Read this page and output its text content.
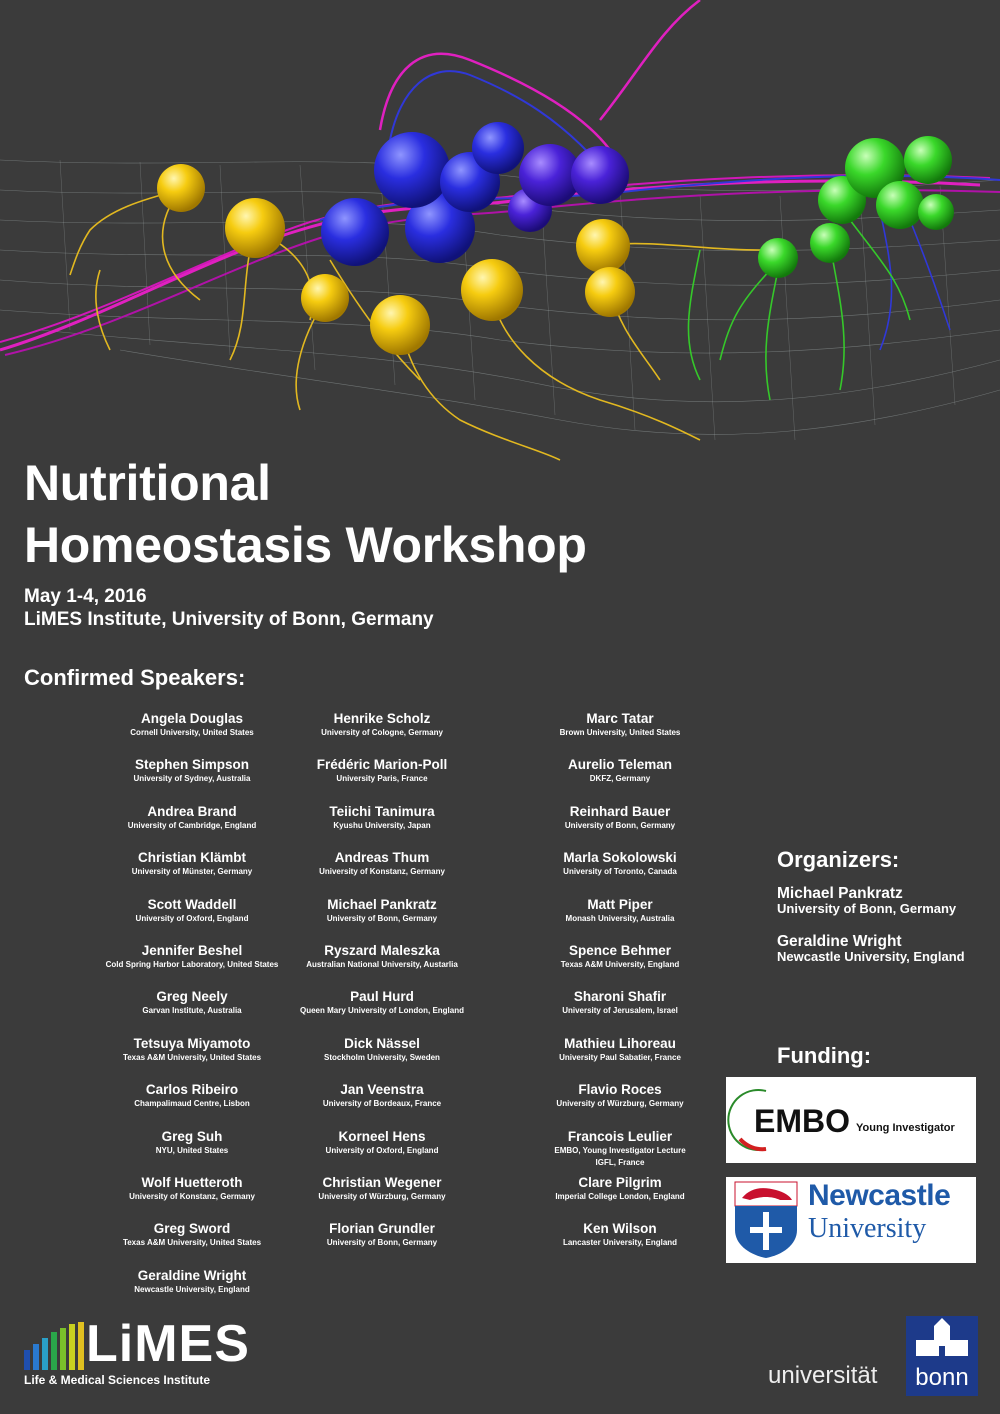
Nutritional
Homeostasis Workshop
May 1-4, 2016
LiMES Institute, University of Bonn, Germany
Confirmed Speakers:
Angela Douglas
Cornell University, United States
Stephen Simpson
University of Sydney, Australia
Andrea Brand
University of Cambridge, England
Christian Klämbt
University of Münster, Germany
Scott Waddell
University of Oxford, England
Jennifer Beshel
Cold Spring Harbor Laboratory, United States
Greg Neely
Garvan Institute, Australia
Tetsuya Miyamoto
Texas A&M University, United States
Carlos Ribeiro
Champalimaud Centre, Lisbon
Greg Suh
NYU, United States
Wolf Huetteroth
University of Konstanz, Germany
Greg Sword
Texas A&M University, United States
Geraldine Wright
Newcastle University, England
Henrike Scholz
University of Cologne, Germany
Frédéric Marion-Poll
University Paris, France
Teiichi Tanimura
Kyushu University, Japan
Andreas Thum
University of Konstanz, Germany
Michael Pankratz
University of Bonn, Germany
Ryszard Maleszka
Australian National University, Austarlia
Paul Hurd
Queen Mary University of London, England
Dick Nässel
Stockholm University, Sweden
Jan Veenstra
University of Bordeaux, France
Korneel Hens
University of Oxford, England
Christian Wegener
University of Würzburg, Germany
Florian Grundler
University of Bonn, Germany
Marc Tatar
Brown University, United States
Aurelio Teleman
DKFZ, Germany
Reinhard Bauer
University of Bonn, Germany
Marla Sokolowski
University of Toronto, Canada
Matt Piper
Monash University, Australia
Spence Behmer
Texas A&M University, England
Sharoni Shafir
University of Jerusalem, Israel
Mathieu Lihoreau
University Paul Sabatier, France
Flavio Roces
University of Würzburg, Germany
Francois Leulier
EMBO, Young Investigator Lecture
IGFL, France
Clare Pilgrim
Imperial College London, England
Ken Wilson
Lancaster University, England
Organizers:
Michael Pankratz
University of Bonn, Germany
Geraldine Wright
Newcastle University, England
Funding:
EMBO Young Investigator
Newcastle
University
LiMES
Life & Medical Sciences Institute	universität	bonn
